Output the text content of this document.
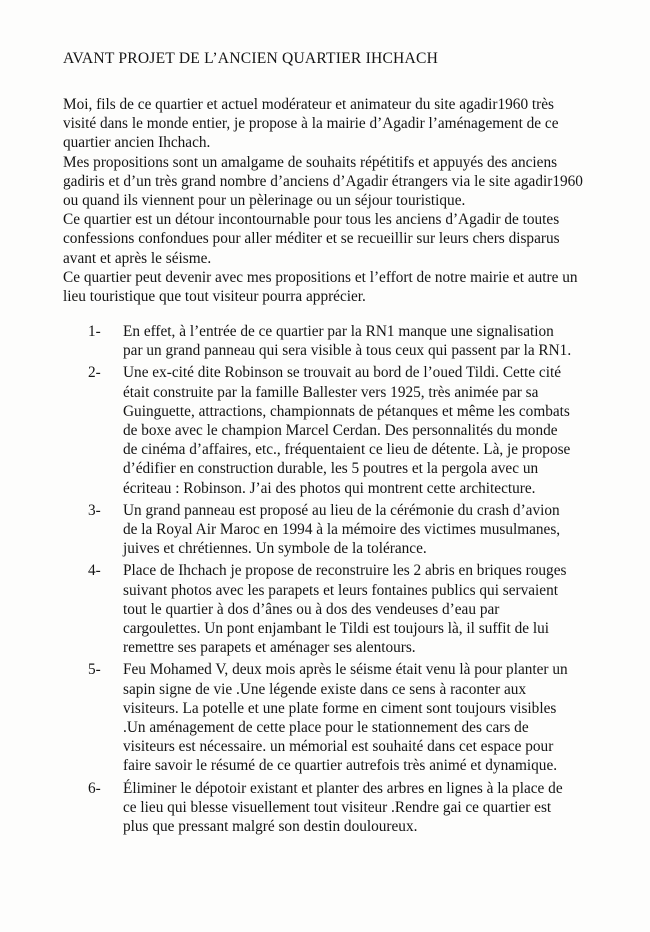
AVANT PROJET DE L’ANCIEN QUARTIER IHCHACH

Moi, fils de ce quartier et actuel modérateur et animateur du site agadir1960 très visité dans le monde entier, je propose à la mairie d’Agadir l’aménagement de ce quartier ancien Ihchach.

Mes propositions sont un amalgame de souhaits répétitifs et appuyés des anciens gadiris et d’un très grand nombre d’anciens d’Agadir étrangers via le site agadir1960 ou quand ils viennent pour un pèlerinage ou un séjour touristique.

Ce quartier est un détour incontournable pour tous les anciens d’Agadir de toutes confessions confondues pour aller méditer et se recueillir sur leurs chers disparus avant et après le séisme.

Ce quartier peut devenir avec mes propositions et l’effort de notre mairie et autre un lieu touristique que tout visiteur pourra apprécier.

1- En effet, à l’entrée de ce quartier par la RN1 manque une signalisation par un grand panneau qui sera visible à tous ceux qui passent par la RN1.
2- Une ex-cité dite Robinson se trouvait au bord de l’oued Tildi. Cette cité était construite par la famille Ballester vers 1925, très animée par sa Guinguette, attractions, championnats de pétanques et même les combats de boxe avec le champion Marcel Cerdan. Des personnalités du monde de cinéma d’affaires, etc., fréquentaient ce lieu de détente. Là, je propose d’édifier en construction durable, les 5 poutres et la pergola avec un écriteau : Robinson. J’ai des photos qui montrent cette architecture.
3- Un grand panneau est proposé au lieu de la cérémonie du crash d’avion de la Royal Air Maroc en 1994 à la mémoire des victimes musulmanes, juives et chrétiennes. Un symbole de la tolérance.
4- Place de Ihchach je propose de reconstruire les 2 abris en briques rouges suivant photos avec les parapets et leurs fontaines publics qui servaient tout le quartier à dos d’ânes ou à dos des vendeuses d’eau par cargoulettes. Un pont enjambant le Tildi est toujours là, il suffit de lui remettre ses parapets et aménager ses alentours.
5- Feu Mohamed V, deux mois après le séisme était venu là pour planter un sapin signe de vie .Une légende existe dans ce sens à raconter aux visiteurs. La potelle et une plate forme en ciment sont toujours visibles .Un aménagement de cette place pour le stationnement des cars de visiteurs est nécessaire. un mémorial est souhaité dans cet espace pour faire savoir le résumé de ce quartier autrefois très animé et dynamique.
6- Éliminer le dépotoir existant et planter des arbres en lignes à la place de ce lieu qui blesse visuellement tout visiteur .Rendre gai ce quartier est plus que pressant malgré son destin douloureux.
